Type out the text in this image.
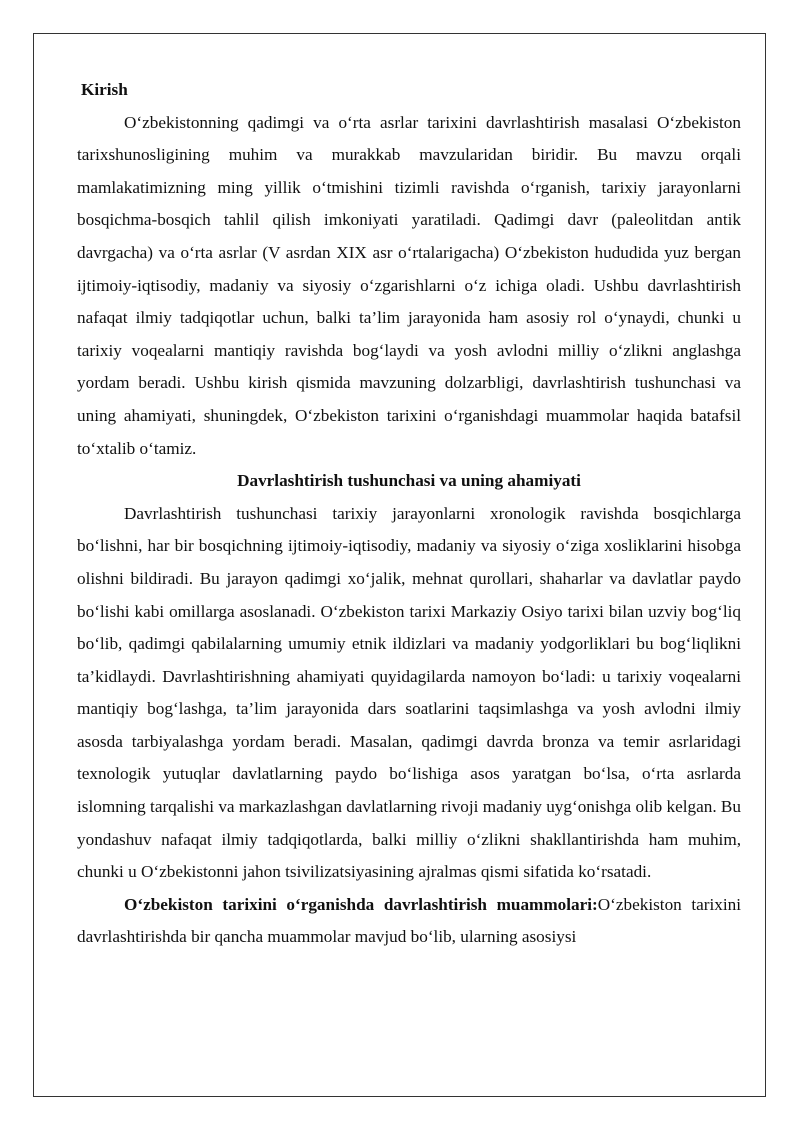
Kirish

O‘zbekistonning qadimgi va o‘rta asrlar tarixini davrlashtirish masalasi O‘zbekiston tarixshunosligining muhim va murakkab mavzularidan biridir. Bu mavzu orqali mamlakatimizning ming yillik o‘tmishini tizimli ravishda o‘rganish, tarixiy jarayonlarni bosqichma-bosqich tahlil qilish imkoniyati yaratiladi. Qadimgi davr (paleolitdan antik davrgacha) va o‘rta asrlar (V asrdan XIX asr o‘rtalarigacha) O‘zbekiston hududida yuz bergan ijtimoiy-iqtisodiy, madaniy va siyosiy o‘zgarishlarni o‘z ichiga oladi. Ushbu davrlashtirish nafaqat ilmiy tadqiqotlar uchun, balki ta’lim jarayonida ham asosiy rol o‘ynaydi, chunki u tarixiy voqealarni mantiqiy ravishda bog‘laydi va yosh avlodni milliy o‘zlikni anglashga yordam beradi. Ushbu kirish qismida mavzuning dolzarbligi, davrlashtirish tushunchasi va uning ahamiyati, shuningdek, O‘zbekiston tarixini o‘rganishdagi muammolar haqida batafsil to‘xtalib o‘tamiz.

Davrlashtirish tushunchasi va uning ahamiyati

Davrlashtirish tushunchasi tarixiy jarayonlarni xronologik ravishda bosqichlarga bo‘lishni, har bir bosqichning ijtimoiy-iqtisodiy, madaniy va siyosiy o‘ziga xosliklarini hisobga olishni bildiradi. Bu jarayon qadimgi xo‘jalik, mehnat qurollari, shaharlar va davlatlar paydo bo‘lishi kabi omillarga asoslanadi. O‘zbekiston tarixi Markaziy Osiyo tarixi bilan uzviy bog‘liq bo‘lib, qadimgi qabilalarning umumiy etnik ildizlari va madaniy yodgorliklari bu bog‘liqlikni ta’kidlaydi. Davrlashtirishning ahamiyati quyidagilarda namoyon bo‘ladi: u tarixiy voqealarni mantiqiy bog‘lashga, ta’lim jarayonida dars soatlarini taqsimlashga va yosh avlodni ilmiy asosda tarbiyalashga yordam beradi. Masalan, qadimgi davrda bronza va temir asrlaridagi texnologik yutuqlar davlatlarning paydo bo‘lishiga asos yaratgan bo‘lsa, o‘rta asrlarda islomning tarqalishi va markazlashgan davlatlarning rivoji madaniy uyg‘onishga olib kelgan. Bu yondashuv nafaqat ilmiy tadqiqotlarda, balki milliy o‘zlikni shakllantirishda ham muhim, chunki u O‘zbekistonni jahon tsivilizatsiyasining ajralmas qismi sifatida ko‘rsatadi.

O‘zbekiston tarixini o‘rganishda davrlashtirish muammolari:O‘zbekiston tarixini davrlashtirishda bir qancha muammolar mavjud bo‘lib, ularning asosiysi
